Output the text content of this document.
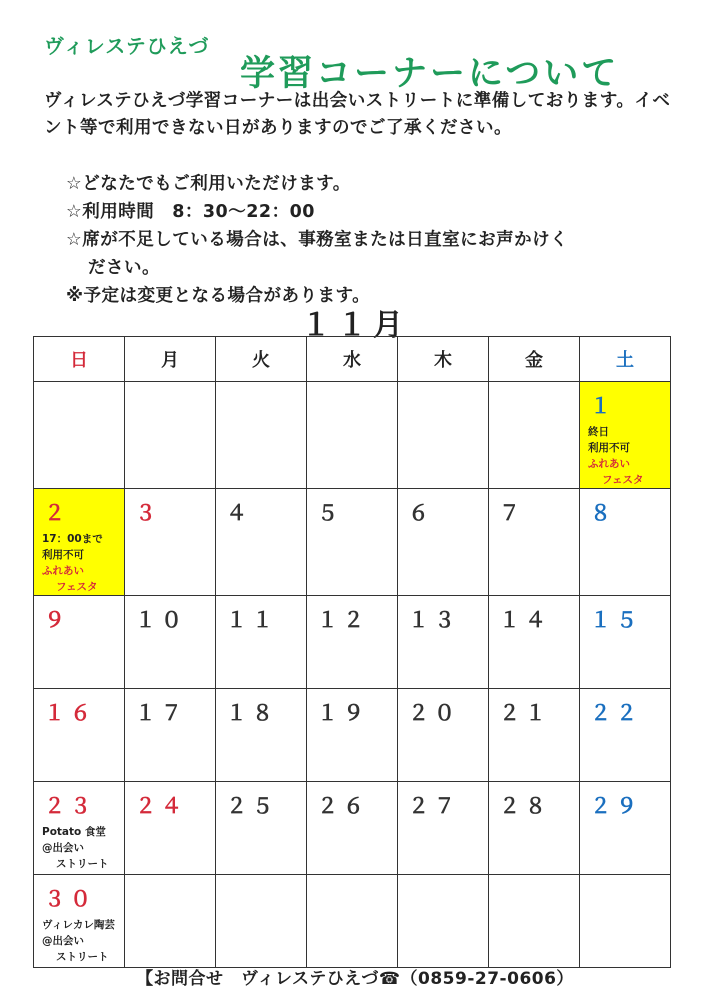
ヴィレステひえづ
学習コーナーについて
ヴィレステひえづ学習コーナーは出会いストリートに準備しております。イベント等で利用できない日がありますのでご了承ください。
☆どなたでもご利用いただけます。
☆利用時間　8：30～22：00
☆席が不足している場合は、事務室または日直室にお声かけく
ださい。
※予定は変更となる場合があります。
１１月
日	月	火	水	木	金	土

						１
終日
利用不可
ふれあい
フェスタ

２
17：00まで
利用不可
ふれあい
フェスタ	３	４	５	６	７	８

９	１０	１１	１２	１３	１４	１５

１６	１７	１８	１９	２０	２１	２２

２３
Potato 食堂
@出会い
ストリート	２４	２５	２６	２７	２８	２９

３０
ヴィレカレ陶芸
@出会い
ストリート						

【お問合せ　ヴィレステひえづ☎（0859-27-0606）
